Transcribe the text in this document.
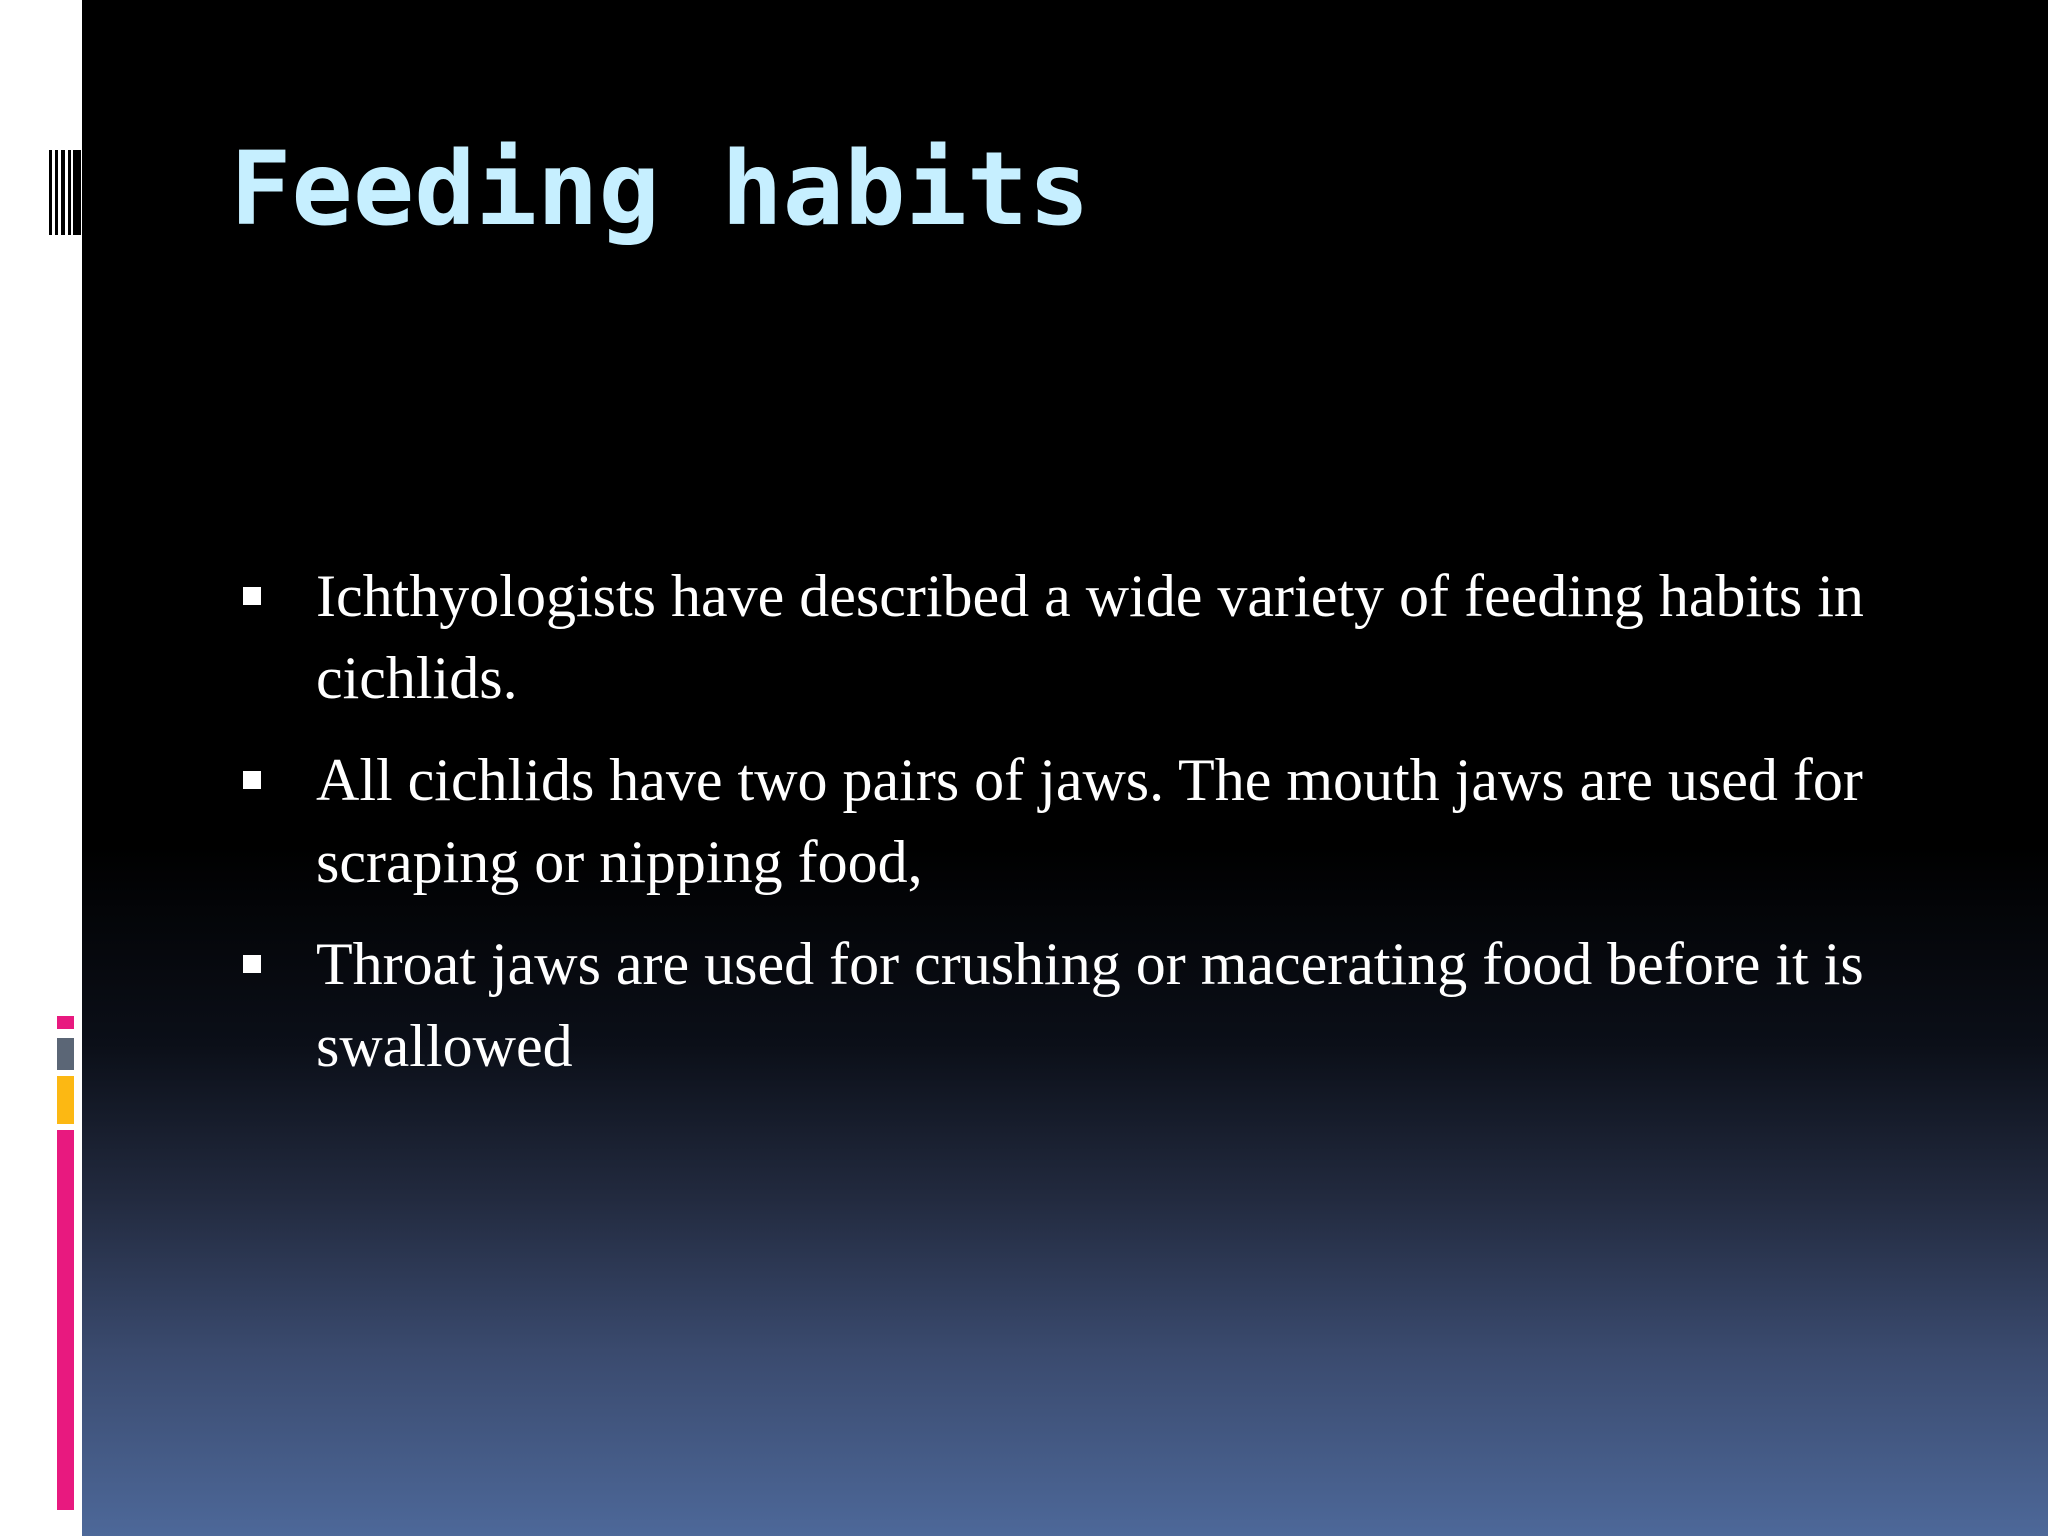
Feeding habits
Ichthyologists have described a wide variety of feeding habits in cichlids.
All cichlids have two pairs of jaws. The mouth jaws are used for scraping or nipping food,
Throat jaws are used for crushing or macerating food before it is swallowed
